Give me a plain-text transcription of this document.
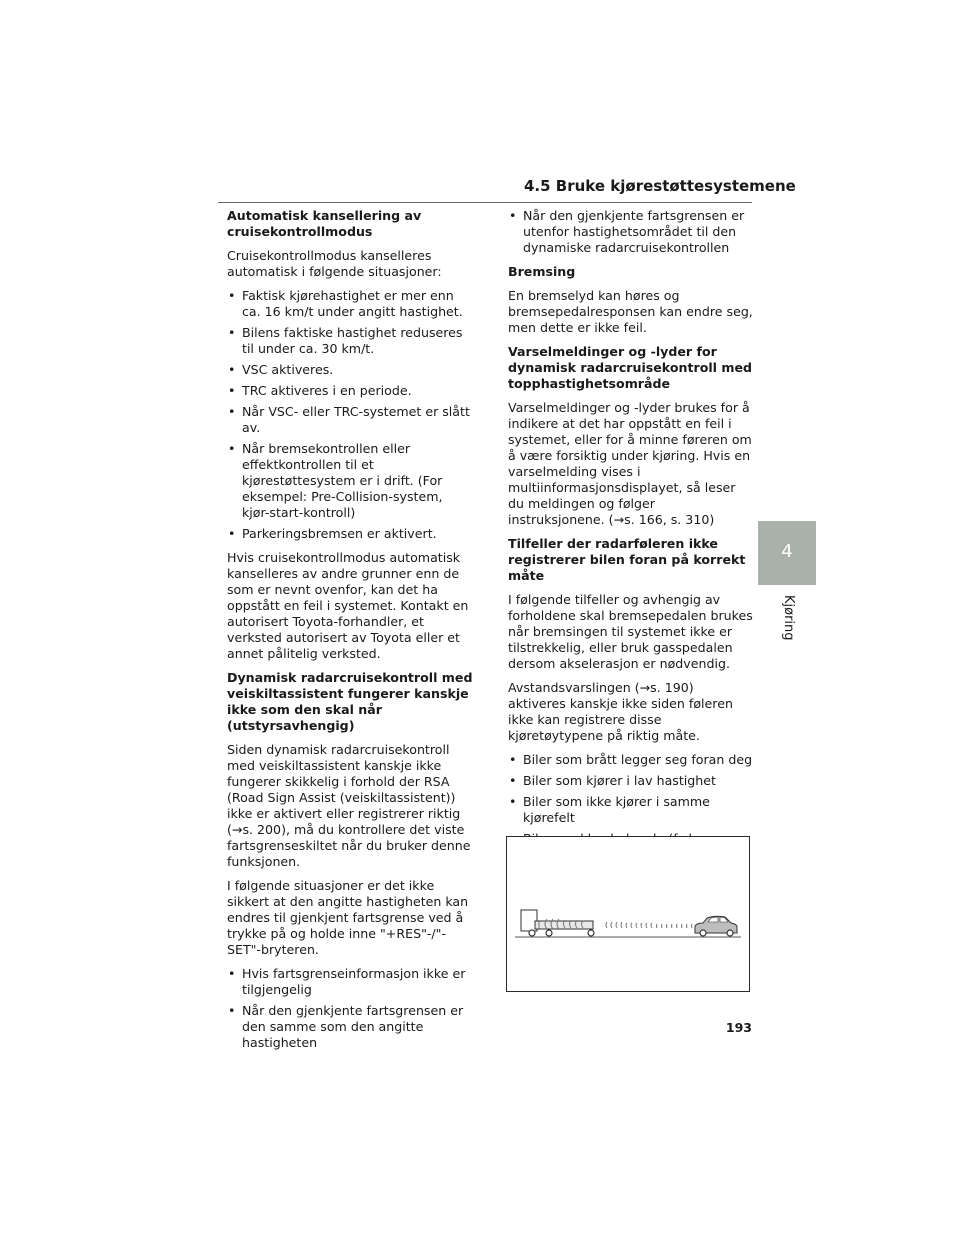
4.5 Bruke kjørestøttesystemene
Automatisk kansellering av cruisekontrollmodus

Cruisekontrollmodus kanselleres automatisk i følgende situasjoner:

• Faktisk kjørehastighet er mer enn ca. 16 km/t under angitt hastighet.
• Bilens faktiske hastighet reduseres til under ca. 30 km/t.
• VSC aktiveres.
• TRC aktiveres i en periode.
• Når VSC- eller TRC-systemet er slått av.
• Når bremsekontrollen eller effektkontrollen til et kjørestøttesystem er i drift. (For eksempel: Pre-Collision-system, kjør-start-kontroll)
• Parkeringsbremsen er aktivert.

Hvis cruisekontrollmodus automatisk kanselleres av andre grunner enn de som er nevnt ovenfor, kan det ha oppstått en feil i systemet. Kontakt en autorisert Toyota-forhandler, et verksted autorisert av Toyota eller et annet pålitelig verksted.

Dynamisk radarcruisekontroll med veiskiltassistent fungerer kanskje ikke som den skal når (utstyrsavhengig)

Siden dynamisk radarcruisekontroll med veiskiltassistent kanskje ikke fungerer skikkelig i forhold der RSA (Road Sign Assist (veiskiltassistent)) ikke er aktivert eller registrerer riktig (→s. 200), må du kontrollere det viste fartsgrenseskiltet når du bruker denne funksjonen.

I følgende situasjoner er det ikke sikkert at den angitte hastigheten kan endres til gjenkjent fartsgrense ved å trykke på og holde inne "+RES"-/"-SET"-bryteren.

• Hvis fartsgrenseinformasjon ikke er tilgjengelig
• Når den gjenkjente fartsgrensen er den samme som den angitte hastigheten
• Når den gjenkjente fartsgrensen er utenfor hastighetsområdet til den dynamiske radarcruisekontrollen
Bremsing

En bremselyd kan høres og bremsepedalresponsen kan endre seg, men dette er ikke feil.

Varselmeldinger og -lyder for dynamisk radarcruisekontroll med topphastighetsområde

Varselmeldinger og -lyder brukes for å indikere at det har oppstått en feil i systemet, eller for å minne føreren om å være forsiktig under kjøring. Hvis en varselmelding vises i multiinformasjonsdisplayet, så leser du meldingen og følger instruksjonene. (→s. 166, s. 310)

Tilfeller der radarføleren ikke registrerer bilen foran på korrekt måte

I følgende tilfeller og avhengig av forholdene skal bremsepedalen brukes når bremsingen til systemet ikke er tilstrekkelig, eller bruk gasspedalen dersom akselerasjon er nødvendig.

Avstandsvarslingen (→s. 190) aktiveres kanskje ikke siden føleren ikke kan registrere disse kjøretøytypene på riktig måte.

• Biler som brått legger seg foran deg
• Biler som kjører i lav hastighet
• Biler som ikke kjører i samme kjørefelt
•
4
Kjøring
193
